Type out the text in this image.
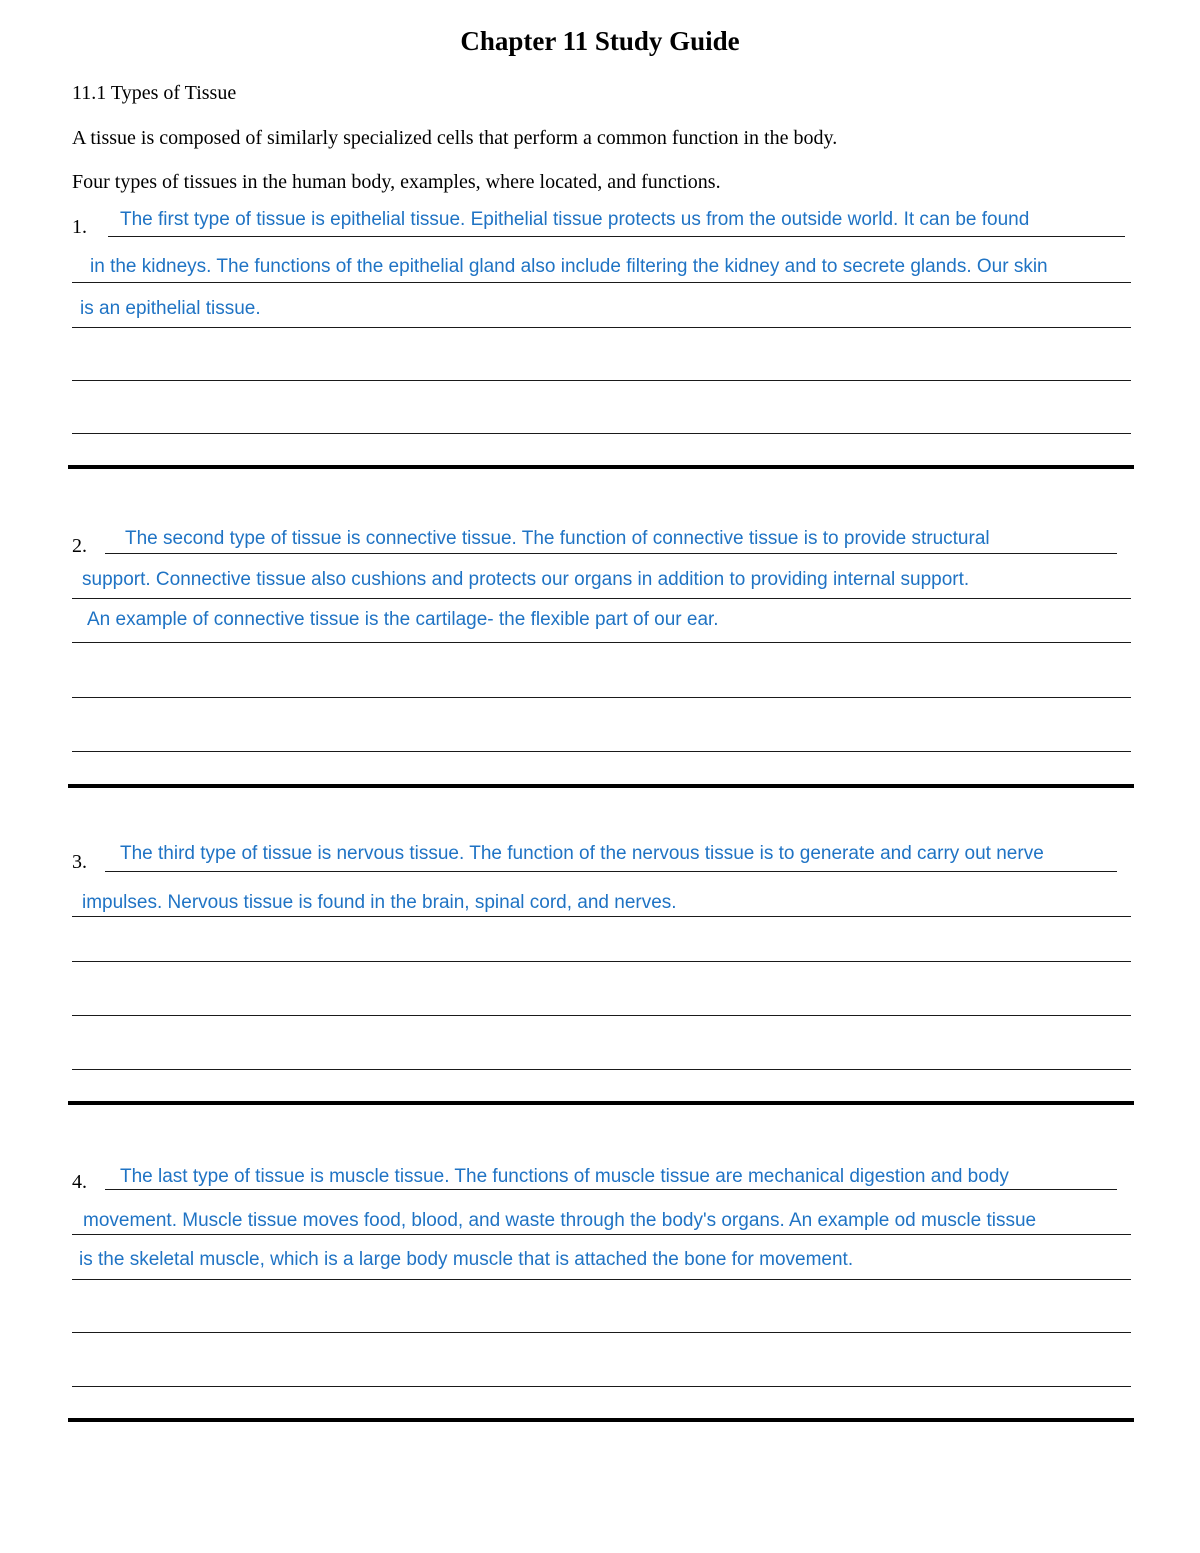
Chapter 11 Study Guide
11.1 Types of Tissue
A tissue is composed of similarly specialized cells that perform a common function in the body.
Four types of tissues in the human body, examples, where located, and functions.
1. The first type of tissue is epithelial tissue. Epithelial tissue protects us from the outside world. It can be found
in the kidneys. The functions of the epithelial gland also include filtering the kidney and to secrete glands. Our skin
is an epithelial tissue.
2. The second type of tissue is connective tissue. The function of connective tissue is to provide structural
support. Connective tissue also cushions and protects our organs in addition to providing internal support.
An example of connective tissue is the cartilage- the flexible part of our ear.
3. The third type of tissue is nervous tissue. The function of the nervous tissue is to generate and carry out nerve
impulses. Nervous tissue is found in the brain, spinal cord, and nerves.
4. The last type of tissue is muscle tissue. The functions of muscle tissue are mechanical digestion and body
movement. Muscle tissue moves food, blood, and waste through the body's organs. An example od muscle tissue
is the skeletal muscle, which is a large body muscle that is attached the bone for movement.
